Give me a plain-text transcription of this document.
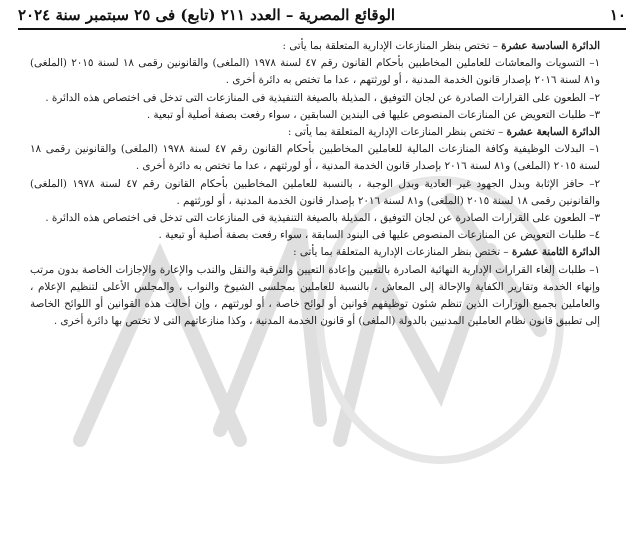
١٠
الوقائع المصرية – العدد ٢١١ (تابع) فى ٢٥ سبتمبر سنة ٢٠٢٤

الدائرة السادسة عشرة – تختص بنظر المنازعات الإدارية المتعلقة بما يأتى :

١– التسويات والمعاشات للعاملين المخاطبين بأحكام القانون رقم ٤٧ لسنة ١٩٧٨ (الملغى) والقانونين رقمى ١٨ لسنة ٢٠١٥ (الملغى) و٨١ لسنة ٢٠١٦ بإصدار قانون الخدمة المدنية ، أو لورثتهم ، عدا ما تختص به دائرة أخرى .

٢– الطعون على القرارات الصادرة عن لجان التوفيق ، المذيلة بالصيغة التنفيذية فى المنازعات التى تدخل فى اختصاص هذه الدائرة .

٣– طلبات التعويض عن المنازعات المنصوص عليها فى البندين السابقين ، سواء رفعت بصفة أصلية أو تبعية .

الدائرة السابعة عشرة – تختص بنظر المنازعات الإدارية المتعلقة بما يأتى :

١– البدلات الوظيفية وكافة المنازعات المالية للعاملين المخاطبين بأحكام القانون رقم ٤٧ لسنة ١٩٧٨ (الملغى) والقانونين رقمى ١٨ لسنة ٢٠١٥ (الملغى) و٨١ لسنة ٢٠١٦ بإصدار قانون الخدمة المدنية ، أو لورثتهم ، عدا ما تختص به دائرة أخرى .

٢– حافز الإثابة وبدل الجهود غير العادية وبدل الوجبة ، بالنسبة للعاملين المخاطبين بأحكام القانون رقم ٤٧ لسنة ١٩٧٨ (الملغى) والقانونين رقمى ١٨ لسنة ٢٠١٥ (الملغى) و٨١ لسنة ٢٠١٦ بإصدار قانون الخدمة المدنية ، أو لورثتهم .

٣– الطعون على القرارات الصادرة عن لجان التوفيق ، المذيلة بالصيغة التنفيذية فى المنازعات التى تدخل فى اختصاص هذه الدائرة .

٤– طلبات التعويض عن المنازعات المنصوص عليها فى البنود السابقة ، سواء رفعت بصفة أصلية أو تبعية .

الدائرة الثامنة عشرة – تختص بنظر المنازعات الإدارية المتعلقة بما يأتى :

١– طلبات إلغاء القرارات الإدارية النهائية الصادرة بالتعيين وإعادة التعيين والترقية والنقل والندب والإعارة والإجازات الخاصة بدون مرتب وإنهاء الخدمة وتقارير الكفاية والإحالة إلى المعاش ، بالنسبة للعاملين بمجلسى الشيوخ والنواب ، والمجلس الأعلى لتنظيم الإعلام ، والعاملين بجميع الوزارات الذين تنظم شئون توظيفهم قوانين أو لوائح خاصة ، أو لورثتهم ، وإن أحالت هذه القوانين أو اللوائح الخاصة إلى تطبيق قانون نظام العاملين المدنيين بالدولة (الملغى) أو قانون الخدمة المدنية ، وكذا منازعاتهم التى لا تختص بها دائرة أخرى .
